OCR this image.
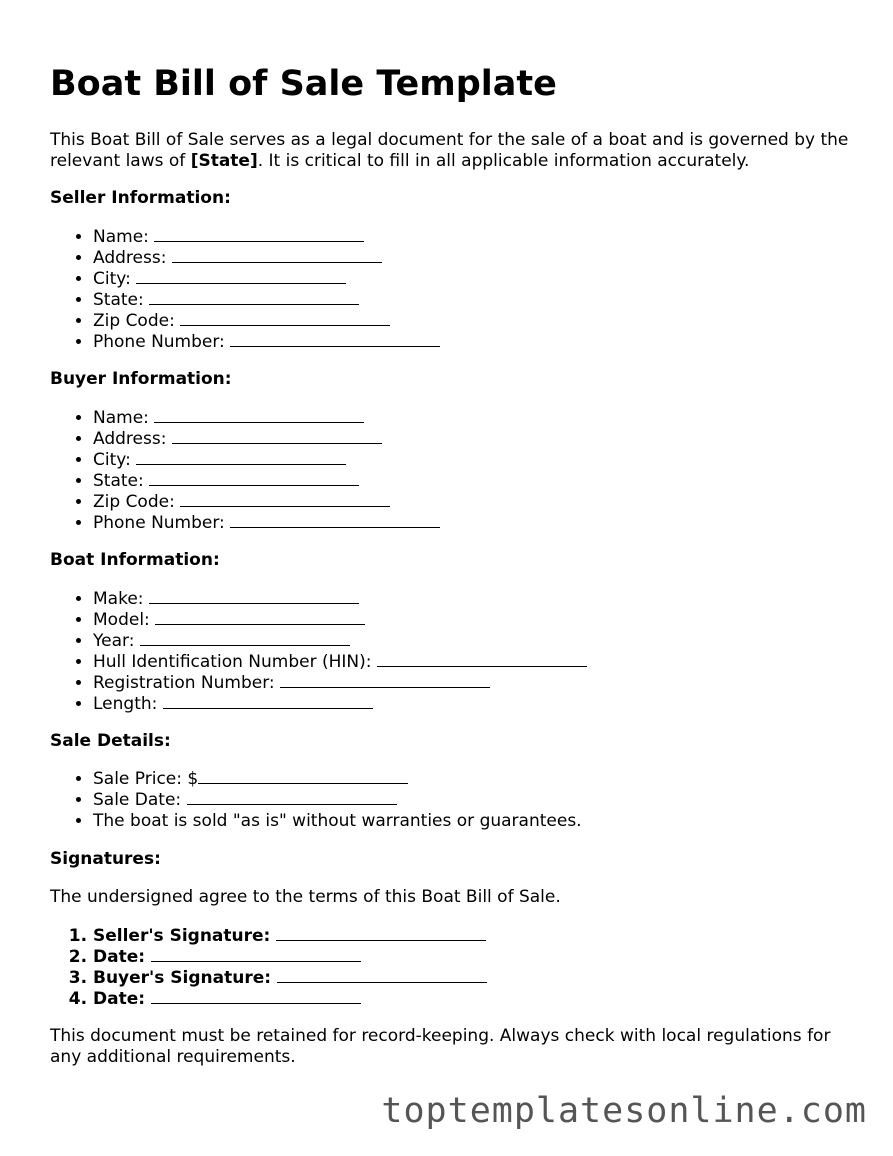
Boat Bill of Sale Template
This Boat Bill of Sale serves as a legal document for the sale of a boat and is governed by the relevant laws of [State]. It is critical to fill in all applicable information accurately.
Seller Information:
• Name:
• Address:
• City:
• State:
• Zip Code:
• Phone Number:
Buyer Information:
• Name:
• Address:
• City:
• State:
• Zip Code:
• Phone Number:
Boat Information:
• Make:
• Model:
• Year:
• Hull Identification Number (HIN):
• Registration Number:
• Length:
Sale Details:
• Sale Price: $
• Sale Date:
• The boat is sold "as is" without warranties or guarantees.
Signatures:
The undersigned agree to the terms of this Boat Bill of Sale.
1. Seller's Signature:
2. Date:
3. Buyer's Signature:
4. Date:
This document must be retained for record-keeping. Always check with local regulations for any additional requirements.
toptemplatesonline.com
